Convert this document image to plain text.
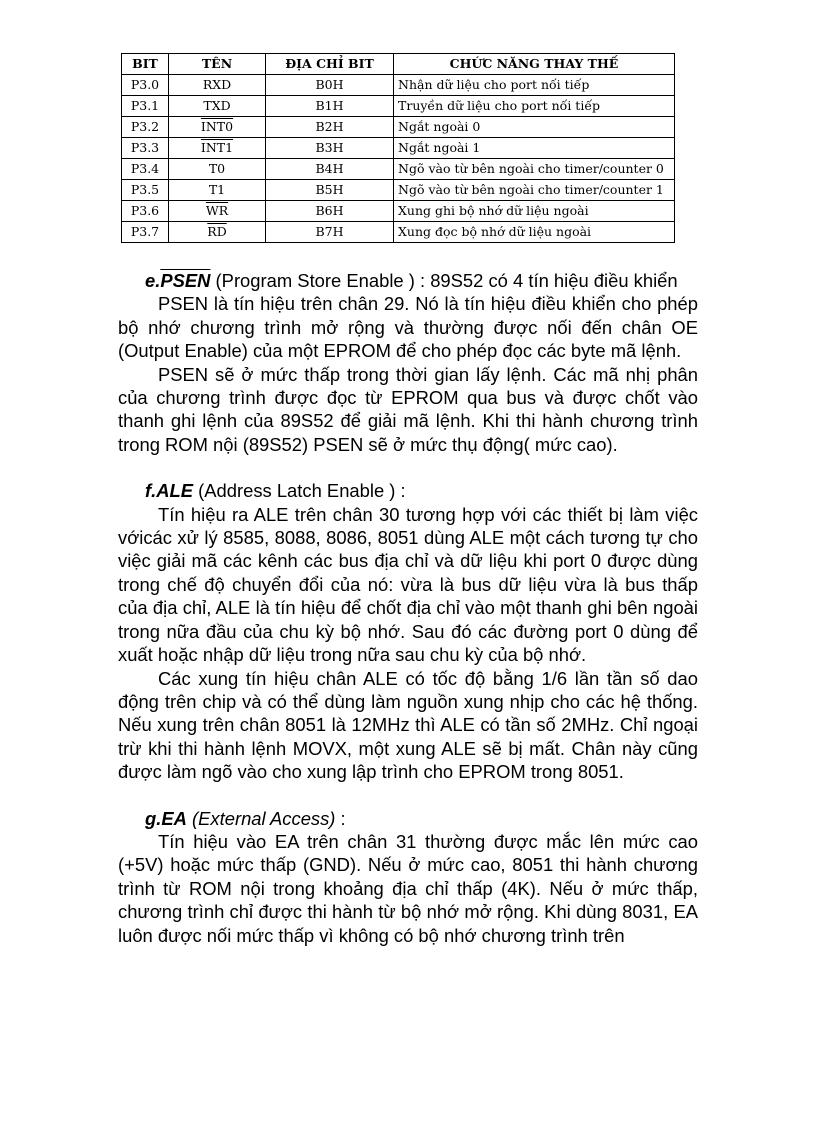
BIT	TÊN	ĐỊA CHỈ BIT	CHỨC NĂNG THAY THẾ
P3.0	RXD	B0H	Nhận dữ liệu cho port nối tiếp
P3.1	TXD	B1H	Truyền dữ liệu cho port nối tiếp
P3.2	INT0	B2H	Ngắt ngoài 0
P3.3	INT1	B3H	Ngắt ngoài 1
P3.4	T0	B4H	Ngõ vào từ bên ngoài cho timer/counter 0
P3.5	T1	B5H	Ngõ vào từ bên ngoài cho timer/counter 1
P3.6	$\overline{WR}$	B6H	Xung ghi bộ nhớ dữ liệu ngoài
P3.7	$\overline{RD}$	B7H	Xung đọc bộ nhớ dữ liệu ngoài

e.PSEN (Program Store Enable ) : 89S52 có 4 tín hiệu điều khiển

PSEN là tín hiệu trên chân 29. Nó là tín hiệu điều khiển cho phép bộ nhớ chương trình mở rộng và thường được nối đến chân OE (Output Enable) của một EPROM để cho phép đọc các byte mã lệnh.

PSEN sẽ ở mức thấp trong thời gian lấy lệnh. Các mã nhị phân của chương trình được đọc từ EPROM qua bus và được chốt vào thanh ghi lệnh của 89S52 để giải mã lệnh. Khi thi hành chương trình trong ROM nội (89S52) PSEN sẽ ở mức thụ động( mức cao).

f.ALE (Address Latch Enable ) :

Tín hiệu ra ALE trên chân 30 tương hợp với các thiết bị làm việc vớicác xử lý 8585, 8088, 8086, 8051 dùng ALE một cách tương tự cho việc giải mã các kênh các bus địa chỉ và dữ liệu khi port 0 được dùng trong chế độ chuyển đổi của nó: vừa là bus dữ liệu vừa là bus thấp của địa chỉ, ALE là tín hiệu để chốt địa chỉ vào một thanh ghi bên ngoài trong nữa đầu của chu kỳ bộ nhớ. Sau đó các đường port 0 dùng để xuất hoặc nhập dữ liệu trong nữa sau chu kỳ của bộ nhớ.

Các xung tín hiệu chân ALE có tốc độ bằng 1/6 lần tần số dao động trên chip và có thể dùng làm nguồn xung nhịp cho các hệ thống. Nếu xung trên chân 8051 là 12MHz thì ALE có tần số 2MHz. Chỉ ngoại trừ khi thi hành lệnh MOVX, một xung ALE sẽ bị mất. Chân này cũng được làm ngõ vào cho xung lập trình cho EPROM trong 8051.

g.EA (External Access) :

Tín hiệu vào EA trên chân 31 thường được mắc lên mức cao (+5V) hoặc mức thấp (GND). Nếu ở mức cao, 8051 thi hành chương trình từ ROM nội trong khoảng địa chỉ thấp (4K). Nếu ở mức thấp, chương trình chỉ được thi hành từ bộ nhớ mở rộng. Khi dùng 8031, EA luôn được nối mức thấp vì không có bộ nhớ chương trình trên
